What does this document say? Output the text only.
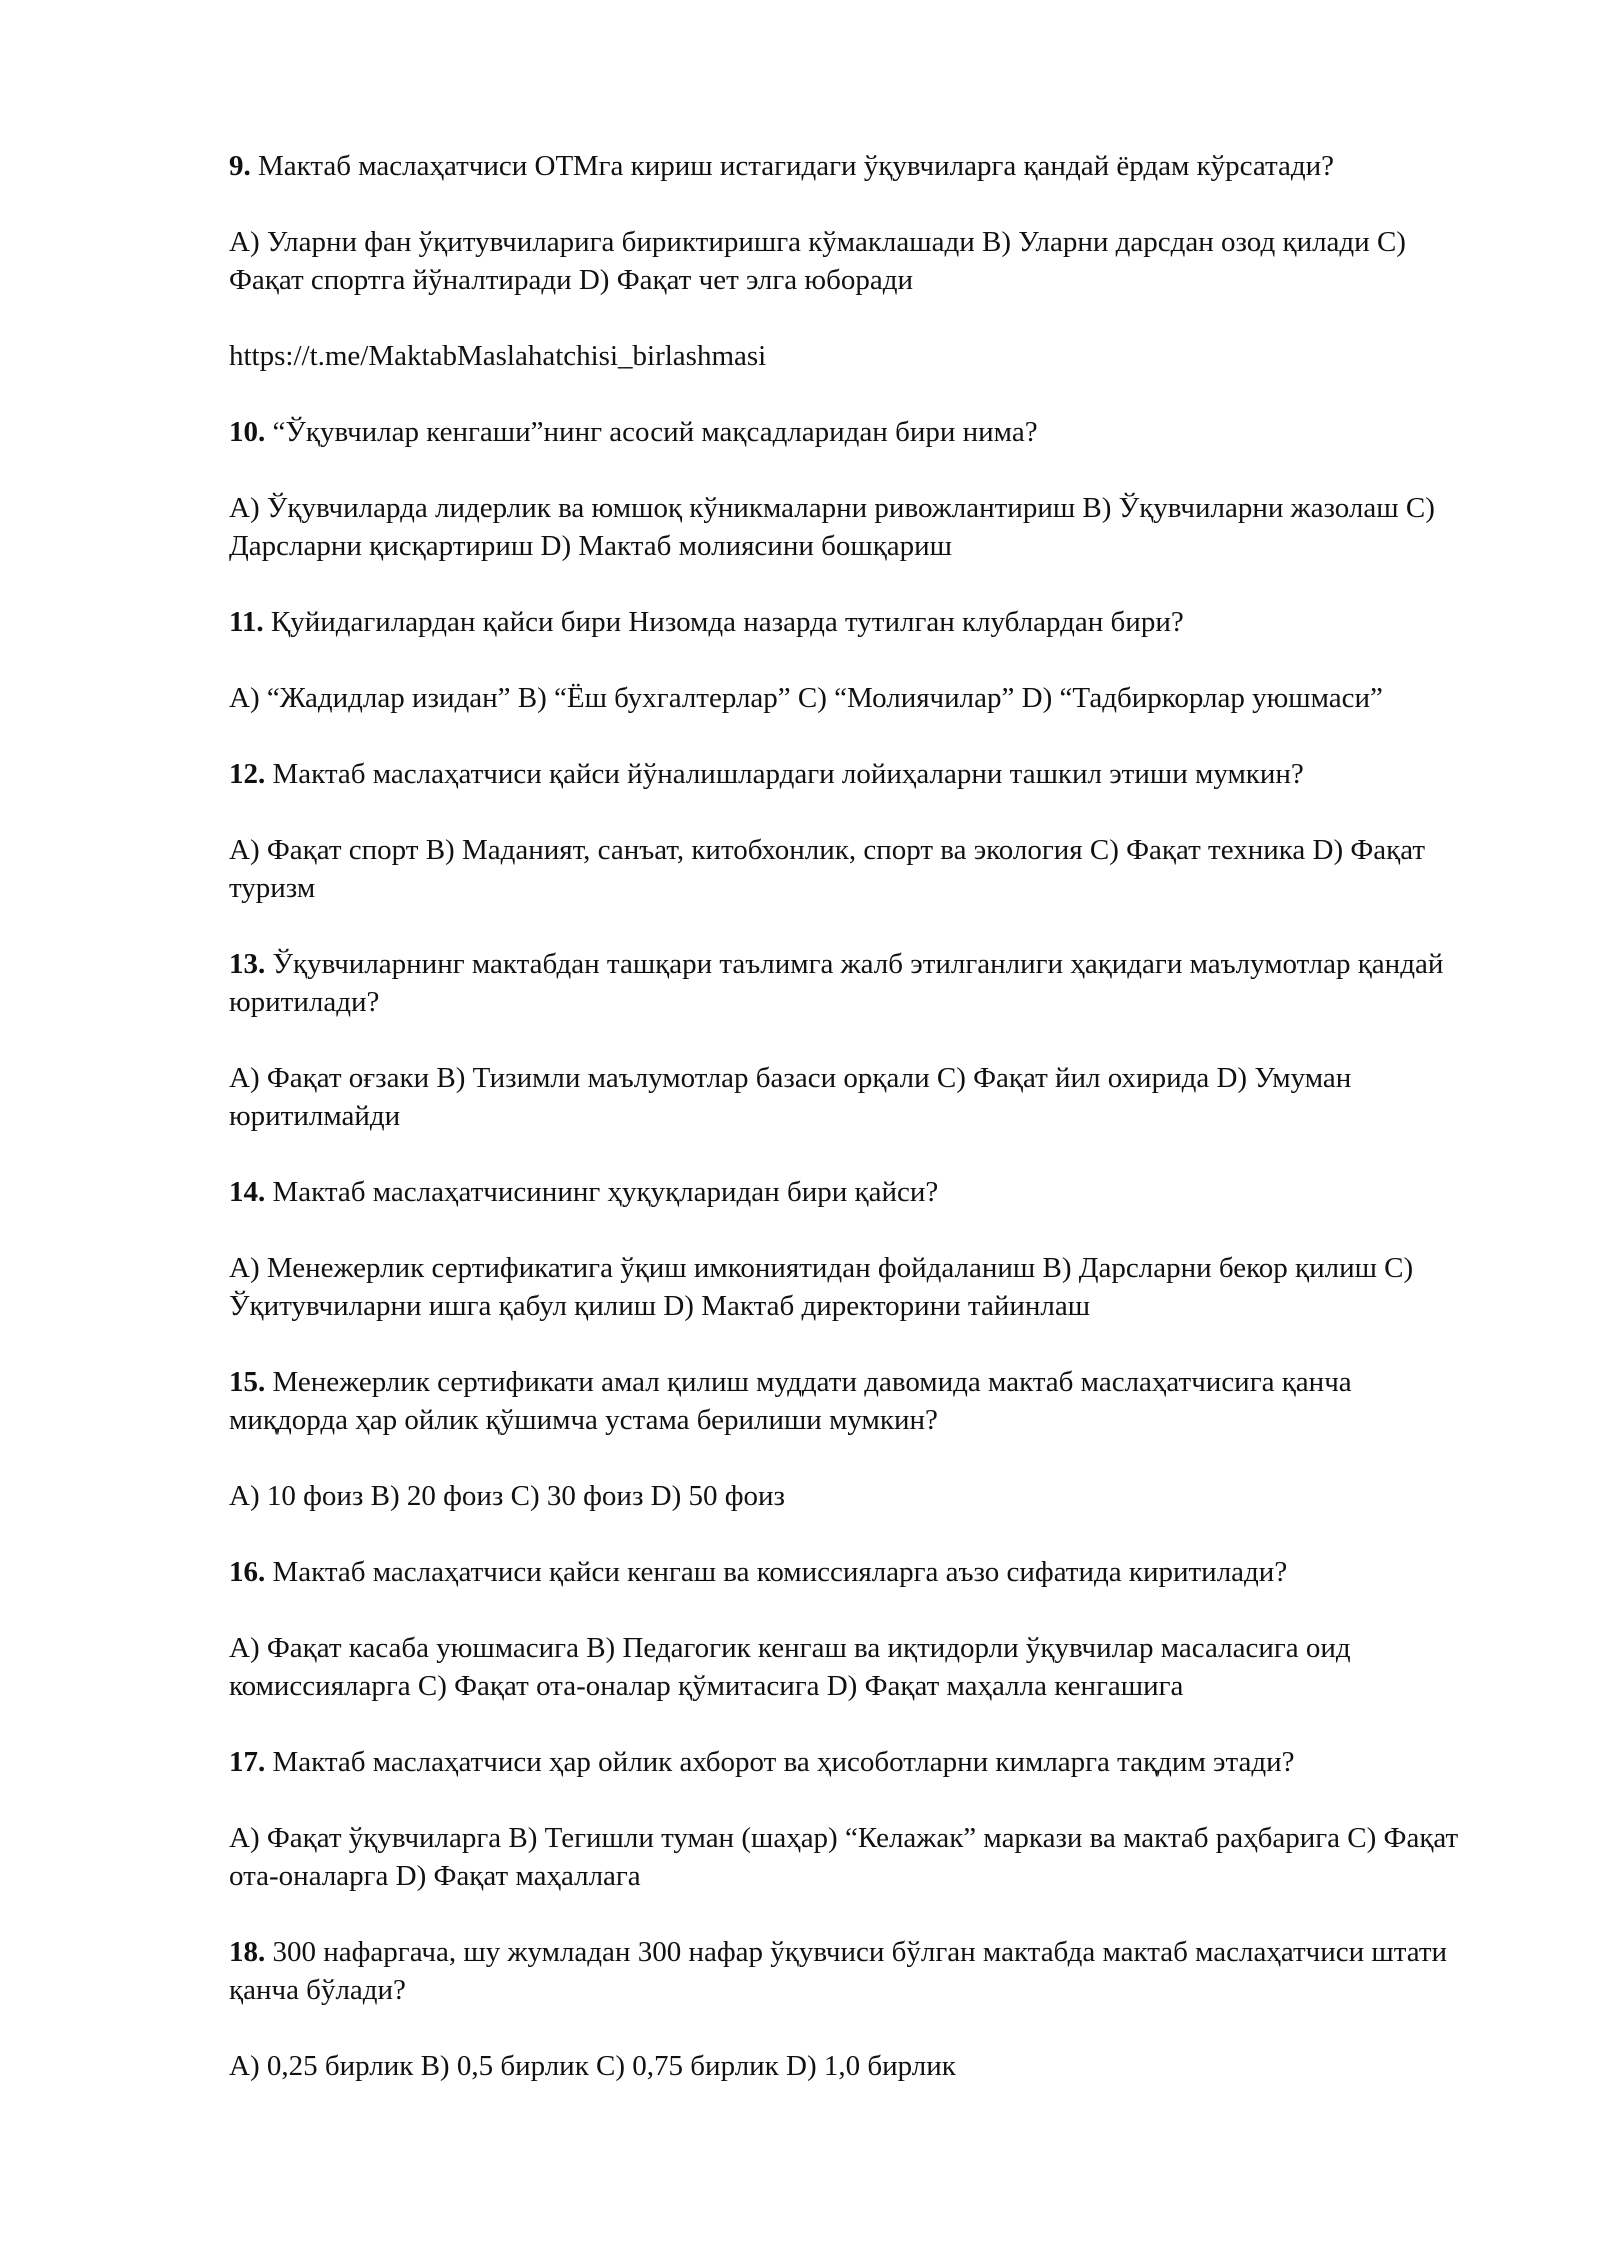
9. Мактаб маслаҳатчиси ОТМга кириш истагидаги ўқувчиларга қандай ёрдам кўрсатади?

A) Уларни фан ўқитувчиларига бириктиришга кўмаклашади B) Уларни дарсдан озод қилади C) Фақат спортга йўналтиради D) Фақат чет элга юборади

https://t.me/MaktabMaslahatchisi_birlashmasi

10. “Ўқувчилар кенгаши”нинг асосий мақсадларидан бири нима?

A) Ўқувчиларда лидерлик ва юмшоқ кўникмаларни ривожлантириш B) Ўқувчиларни жазолаш C) Дарсларни қисқартириш D) Мактаб молиясини бошқариш

11. Қуйидагилардан қайси бири Низомда назарда тутилган клублардан бири?

A) “Жадидлар изидан” B) “Ёш бухгалтерлар” C) “Молиячилар” D) “Тадбиркорлар уюшмаси”

12. Мактаб маслаҳатчиси қайси йўналишлардаги лойиҳаларни ташкил этиши мумкин?

A) Фақат спорт B) Маданият, санъат, китобхонлик, спорт ва экология C) Фақат техника D) Фақат туризм

13. Ўқувчиларнинг мактабдан ташқари таълимга жалб этилганлиги ҳақидаги маълумотлар қандай юритилади?

A) Фақат оғзаки B) Тизимли маълумотлар базаси орқали C) Фақат йил охирида D) Умуман юритилмайди

14. Мактаб маслаҳатчисининг ҳуқуқларидан бири қайси?

A) Менежерлик сертификатига ўқиш имкониятидан фойдаланиш B) Дарсларни бекор қилиш C) Ўқитувчиларни ишга қабул қилиш D) Мактаб директорини тайинлаш

15. Менежерлик сертификати амал қилиш муддати давомида мактаб маслаҳатчисига қанча миқдорда ҳар ойлик қўшимча устама берилиши мумкин?

A) 10 фоиз B) 20 фоиз C) 30 фоиз D) 50 фоиз

16. Мактаб маслаҳатчиси қайси кенгаш ва комиссияларга аъзо сифатида киритилади?

A) Фақат касаба уюшмасига B) Педагогик кенгаш ва иқтидорли ўқувчилар масаласига оид комиссияларга C) Фақат ота-оналар қўмитасига D) Фақат маҳалла кенгашига

17. Мактаб маслаҳатчиси ҳар ойлик ахборот ва ҳисоботларни кимларга тақдим этади?

A) Фақат ўқувчиларга B) Тегишли туман (шаҳар) “Келажак” маркази ва мактаб раҳбарига C) Фақат ота-оналарга D) Фақат маҳаллага

18. 300 нафаргача, шу жумладан 300 нафар ўқувчиси бўлган мактабда мактаб маслаҳатчиси штати қанча бўлади?

A) 0,25 бирлик B) 0,5 бирлик C) 0,75 бирлик D) 1,0 бирлик
